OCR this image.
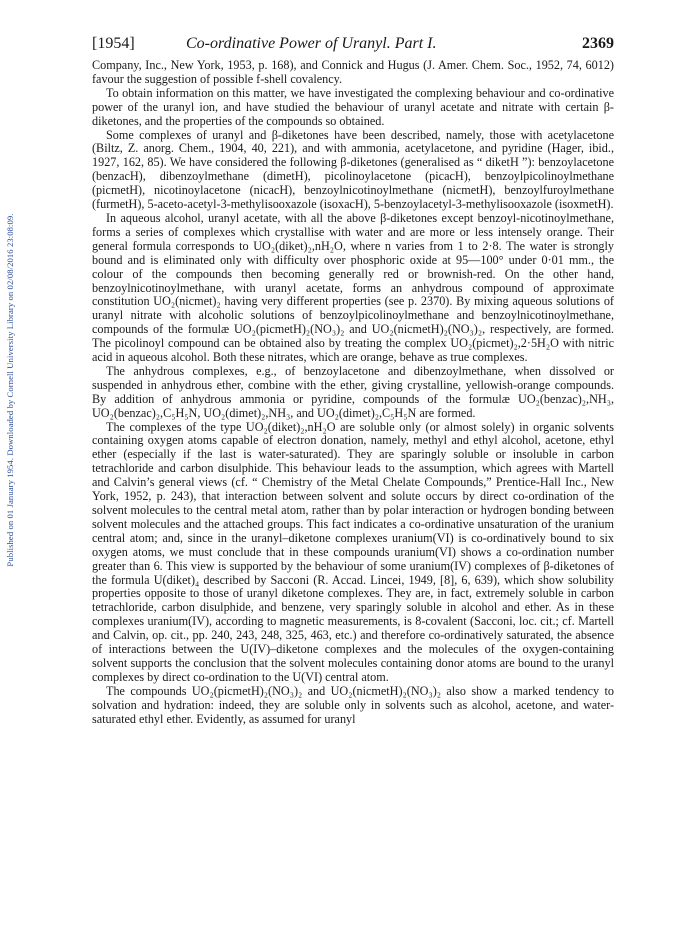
Published on 01 January 1954. Downloaded by Cornell University Library on 02/08/2016 23:08:09.
[1954]	Co-ordinative Power of Uranyl. Part I.	2369

Company, Inc., New York, 1953, p. 168), and Connick and Hugus (J. Amer. Chem. Soc., 1952, 74, 6012) favour the suggestion of possible f-shell covalency.

To obtain information on this matter, we have investigated the complexing behaviour and co-ordinative power of the uranyl ion, and have studied the behaviour of uranyl acetate and nitrate with certain β-diketones, and the properties of the compounds so obtained.

Some complexes of uranyl and β-diketones have been described, namely, those with acetylacetone (Biltz, Z. anorg. Chem., 1904, 40, 221), and with ammonia, acetylacetone, and pyridine (Hager, ibid., 1927, 162, 85). We have considered the following β-diketones (generalised as “ diketH ”): benzoylacetone (benzacH), dibenzoylmethane (dimetH), picolinoylacetone (picacH), benzoylpicolinoylmethane (picmetH), nicotinoylacetone (nicacH), benzoylnicotinoylmethane (nicmetH), benzoylfuroylmethane (furmetH), 5-aceto-acetyl-3-methylisooxazole (isoxacH), 5-benzoylacetyl-3-methylisooxazole (isoxmetH).

In aqueous alcohol, uranyl acetate, with all the above β-diketones except benzoyl-nicotinoylmethane, forms a series of complexes which crystallise with water and are more or less intensely orange. Their general formula corresponds to UO₂(diket)₂,nH₂O, where n varies from 1 to 2·8. The water is strongly bound and is eliminated only with difficulty over phosphoric oxide at 95—100° under 0·01 mm., the colour of the compounds then becoming generally red or brownish-red. On the other hand, benzoylnicotinoylmethane, with uranyl acetate, forms an anhydrous compound of approximate constitution UO₂(nicmet)₂ having very different properties (see p. 2370). By mixing aqueous solutions of uranyl nitrate with alcoholic solutions of benzoylpicolinoylmethane and benzoylnicotinoylmethane, compounds of the formulæ UO₂(picmetH)₂(NO₃)₂ and UO₂(nicmetH)₂(NO₃)₂, respectively, are formed. The picolinoyl compound can be obtained also by treating the complex UO₂(picmet)₂,2·5H₂O with nitric acid in aqueous alcohol. Both these nitrates, which are orange, behave as true complexes.

The anhydrous complexes, e.g., of benzoylacetone and dibenzoylmethane, when dissolved or suspended in anhydrous ether, combine with the ether, giving crystalline, yellowish-orange compounds. By addition of anhydrous ammonia or pyridine, compounds of the formulæ UO₂(benzac)₂,NH₃, UO₂(benzac)₂,C₅H₅N, UO₂(dimet)₂,NH₃, and UO₂(dimet)₂,C₅H₅N are formed.

The complexes of the type UO₂(diket)₂,nH₂O are soluble only (or almost solely) in organic solvents containing oxygen atoms capable of electron donation, namely, methyl and ethyl alcohol, acetone, ethyl ether (especially if the last is water-saturated). They are sparingly soluble or insoluble in carbon tetrachloride and carbon disulphide. This behaviour leads to the assumption, which agrees with Martell and Calvin’s general views (cf. “ Chemistry of the Metal Chelate Compounds,” Prentice-Hall Inc., New York, 1952, p. 243), that interaction between solvent and solute occurs by direct co-ordination of the solvent molecules to the central metal atom, rather than by polar interaction or hydrogen bonding between solvent molecules and the attached groups. This fact indicates a co-ordinative unsaturation of the uranium central atom; and, since in the uranyl–diketone complexes uranium(VI) is co-ordinatively bound to six oxygen atoms, we must conclude that in these compounds uranium(VI) shows a co-ordination number greater than 6. This view is supported by the behaviour of some uranium(IV) complexes of β-diketones of the formula U(diket)₄ described by Sacconi (R. Accad. Lincei, 1949, [8], 6, 639), which show solubility properties opposite to those of uranyl diketone complexes. They are, in fact, extremely soluble in carbon tetrachloride, carbon disulphide, and benzene, very sparingly soluble in alcohol and ether. As in these complexes uranium(IV), according to magnetic measurements, is 8-covalent (Sacconi, loc. cit.; cf. Martell and Calvin, op. cit., pp. 240, 243, 248, 325, 463, etc.) and therefore co-ordinatively saturated, the absence of interactions between the U(IV)–diketone complexes and the molecules of the oxygen-containing solvent supports the conclusion that the solvent molecules containing donor atoms are bound to the uranyl complexes by direct co-ordination to the U(VI) central atom.

The compounds UO₂(picmetH)₂(NO₃)₂ and UO₂(nicmetH)₂(NO₃)₂ also show a marked tendency to solvation and hydration: indeed, they are soluble only in solvents such as alcohol, acetone, and water-saturated ethyl ether. Evidently, as assumed for uranyl
